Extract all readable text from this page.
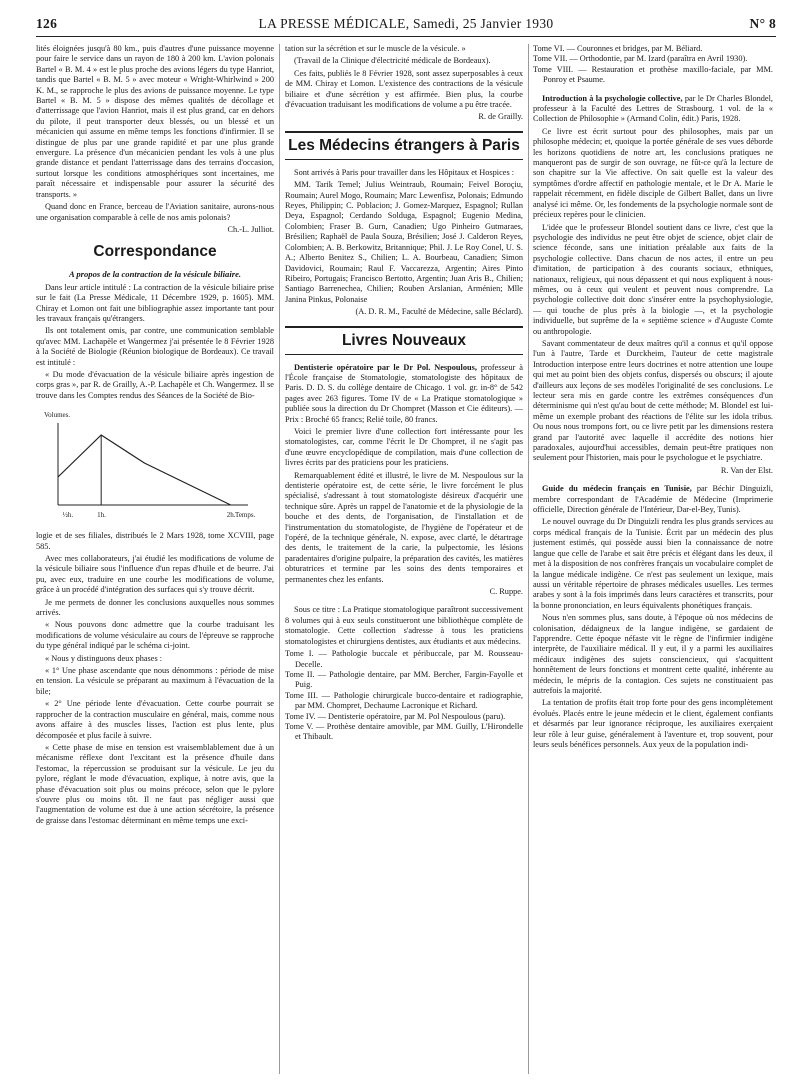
126	LA PRESSE MÉDICALE, Samedi, 25 Janvier 1930	N° 8

lités éloignées jusqu'à 80 km., puis d'autres d'une puissance moyenne pour faire le service dans un rayon de 180 à 200 km. L'avion polonais Bartel « B. M. 4 » est le plus proche des avions légers du type Hanriot, tandis que Bartel « B. M. 5 » avec moteur « Wright-Whirlwind » 200 K. M., se rapproche le plus des avions de puissance moyenne. Le type Bartel « B. M. 5 » dispose des mêmes qualités de décollage et d'atterrissage que l'avion Hanriot, mais il est plus grand, car en dehors du pilote, il peut transporter deux blessés, ou un blessé et un mécanicien qui assume en même temps les fonctions d'infirmier. Il se distingue de plus par une grande rapidité et par une plus grande envergure. La présence d'un mécanicien pendant les vols à une plus grande distance et pendant l'atterrissage dans des terrains d'occasion, surtout lorsque les conditions atmosphériques sont incertaines, me paraît nécessaire et indispensable pour assurer la sécurité des transports. »

Quand donc en France, berceau de l'Aviation sanitaire, aurons-nous une organisation comparable à celle de nos amis polonais?

Ch.-L. Julliot.
Correspondance
A propos de la contraction de la vésicule biliaire.

Dans leur article intitulé : La contraction de la vésicule biliaire prise sur le fait (La Presse Médicale, 11 Décembre 1929, p. 1605). MM. Chiray et Lomon ont fait une bibliographie assez importante tant pour les travaux français qu'étrangers.

Ils ont totalement omis, par contre, une communication semblable qu'avec MM. Lachapèle et Wangermez j'ai présentée le 8 Février 1928 à la Société de Biologie (Réunion biologique de Bordeaux). Ce travail est intitulé :

« Du mode d'évacuation de la vésicule biliaire après ingestion de corps gras », par R. de Grailly, A.-P. Lachapèle et Ch. Wangermez. Il se trouve dans les Comptes rendus des Séances de la Société de Bio-

Volumes.
Temps.
½h.	1h.	2h.

logie et de ses filiales, distribués le 2 Mars 1928, tome XCVIII, page 585.

Avec mes collaborateurs, j'ai étudié les modifications de volume de la vésicule biliaire sous l'influence d'un repas d'huile et de beurre. J'ai pu, avec eux, traduire en une courbe les modifications de volume, grâce à un procédé d'intégration des surfaces qui s'y trouve décrit.

Je me permets de donner les conclusions auxquelles nous sommes arrivés.

« Nous pouvons donc admettre que la courbe traduisant les modifications de volume vésiculaire au cours de l'épreuve se rapproche du type général indiqué par le schéma ci-joint.

« Nous y distinguons deux phases :

« 1° Une phase ascendante que nous dénommons : période de mise en tension. La vésicule se préparant au maximum à l'évacuation de la bile;

« 2° Une période lente d'évacuation. Cette courbe pourrait se rapprocher de la contraction musculaire en général, mais, comme nous avons affaire à des muscles lisses, l'action est plus lente, plus décomposée et plus facile à suivre.

« Cette phase de mise en tension est vraisemblablement due à un mécanisme réflexe dont l'excitant est la présence d'huile dans l'estomac, la répercussion se produisant sur la vésicule. Le jeu du pylore, réglant le mode d'évacuation, explique, à notre avis, que la phase d'évacuation soit plus ou moins précoce, selon que le pylore s'ouvre plus ou moins tôt. Il ne faut pas négliger aussi que l'augmentation de volume est due à une action sécrétoire, la présence de graisse dans l'estomac déterminant en même temps une exci-

tation sur la sécrétion et sur le muscle de la vésicule. »

(Travail de la Clinique d'électricité médicale de Bordeaux).

Ces faits, publiés le 8 Février 1928, sont assez superposables à ceux de MM. Chiray et Lomon. L'existence des contractions de la vésicule biliaire et d'une sécrétion y est affirmée. Bien plus, la courbe d'évacuation traduisant les modifications de volume a pu être tracée.

R. de Grailly.
Les Médecins étrangers à Paris

Sont arrivés à Paris pour travailler dans les Hôpitaux et Hospices :

MM. Tarik Temel; Julius Weintraub, Roumain; Feivel Boroçiu, Roumain; Aurel Mogo, Roumain; Marc Lewenfisz, Polonais; Edmundo Reyes, Philippin; C. Poblacion; J. Gomez-Marquez, Espagnol; Rullan Deya, Espagnol; Cerdando Solduga, Espagnol; Eugenio Medina, Colombien; Fraser B. Gurn, Canadien; Ugo Pinheiro Gutmaraes, Brésilien; Raphaël de Paula Souza, Brésilien; José J. Calderon Reyes, Colombien; A. B. Berkowitz, Britannique; Phil. J. Le Roy Conel, U. S. A.; Alberto Benitez S., Chilien; L. A. Bourbeau, Canadien; Simon Davidovici, Roumain; Raul F. Vaccarezza, Argentin; Aires Pinto Ribeiro, Portugais; Francisco Bertotto, Argentin; Juan Aris B., Chilien; Santiago Barrenechea, Chilien; Rouben Arslanian, Arménien; Mlle Janina Pinkus, Polonaise

(A. D. R. M., Faculté de Médecine, salle Béclard).

Livres Nouveaux
Dentisterie opératoire par le Dr Pol. Nespoulous, professeur à l'École française de Stomatologie, stomatologiste des hôpitaux de Paris. D. D. S. du collège dentaire de Chicago. 1 vol. gr. in-8° de 542 pages avec 263 figures. Tome IV de « La Pratique stomatologique » publiée sous la direction du Dr Chompret (Masson et Cie éditeurs). — Prix : Broché 65 francs; Relié toile, 80 francs.

Voici le premier livre d'une collection fort intéressante pour les stomatologistes, car, comme l'écrit le Dr Chompret, il ne s'agit pas d'une œuvre encyclopédique de compilation, mais d'une collection de livres écrits par des praticiens pour les praticiens.

Remarquablement édité et illustré, le livre de M. Nespoulous sur la dentisterie opératoire est, de cette série, le livre forcément le plus spécialisé, s'adressant à tout stomatologiste désireux d'acquérir une technique sûre. Après un rappel de l'anatomie et de la physiologie de la bouche et des dents, de l'organisation, de l'installation et de l'instrumentation du stomatologiste, de l'hygiène de l'opérateur et de l'opéré, de la technique générale, N. expose, avec clarté, le détartrage des dents, le traitement de la carie, la pulpectomie, les lésions paradentaires d'origine pulpaire, la préparation des cavités, les matières obturatrices et termine par les soins des dents temporaires et permanentes chez les enfants.

C. Ruppe.

Sous ce titre : La Pratique stomatologique paraîtront successivement 8 volumes qui à eux seuls constitueront une bibliothèque complète de stomatologie. Cette collection s'adresse à tous les praticiens stomatologistes et chirurgiens dentistes, aux étudiants et aux médecins.

Tome I. — Pathologie buccale et péribuccale, par M. Rousseau-Decelle.

Tome II. — Pathologie dentaire, par MM. Bercher, Fargin-Fayolle et Puig.

Tome III. — Pathologie chirurgicale bucco-dentaire et radiographie, par MM. Chompret, Dechaume Lacronique et Richard.

Tome IV. — Dentisterie opératoire, par M. Pol Nespoulous (paru).

Tome V. — Prothèse dentaire amovible, par MM. Guilly, L'Hirondelle et Thibault.

Tome VI. — Couronnes et bridges, par M. Béliard.

Tome VII. — Orthodontie, par M. Izard (paraîtra en Avril 1930).

Tome VIII. — Restauration et prothèse maxillo-faciale, par MM. Ponroy et Psaume.

Introduction à la psychologie collective, par le Dr Charles Blondel, professeur à la Faculté des Lettres de Strasbourg. 1 vol. de la « Collection de Philosophie » (Armand Colin, édit.) Paris, 1928.

Ce livre est écrit surtout pour des philosophes, mais par un philosophe médecin; et, quoique la portée générale de ses vues déborde les horizons quotidiens de notre art, les conclusions pratiques ne manqueront pas de surgir de son ouvrage, ne fût-ce qu'à la lecture de son chapitre sur la Vie affective. On sait quelle est la valeur des symptômes d'ordre affectif en pathologie mentale, et le Dr A. Marie le rappelait récemment, en fidèle disciple de Gilbert Ballet, dans un livre analysé ici même. Or, les fondements de la psychologie normale sont de précieux repères pour le clinicien.

L'idée que le professeur Blondel soutient dans ce livre, c'est que la psychologie des individus ne peut être objet de science, objet clair de science féconde, sans une initiation préalable aux faits de la psychologie collective. Dans chacun de nos actes, il entre un peu d'imitation, de participation à des courants sociaux, ethniques, nationaux, religieux, qui nous dépassent et qui nous expliquent à nous-mêmes, ou à ceux qui veulent et peuvent nous comprendre. La psychologie collective doit donc s'insérer entre la psychophysiologie, — qui touche de plus près à la biologie —, et la psychologie individuelle, but suprême de la « septième science » d'Auguste Comte ou anthropologie.

Savant commentateur de deux maîtres qu'il a connus et qu'il oppose l'un à l'autre, Tarde et Durckheim, l'auteur de cette magistrale Introduction interpose entre leurs doctrines et notre attention une loupe qui met au point bien des objets confus, dispersés ou obscurs; il ajoute d'ailleurs aux leçons de ses modèles l'originalité de ses conclusions. Le lecteur sera mis en garde contre les extrêmes conséquences d'un déterminisme qui n'est qu'au bout de cette méthode; M. Blondel est lui-même un exemple probant des réactions de l'élite sur les idola tribus. Ou nous nous trompons fort, ou ce livre petit par les dimensions restera grand par l'autorité avec laquelle il accrédite des notions hier paradoxales, aujourd'hui accessibles, demain peut-être pratiques non seulement pour l'historien, mais pour le psychologue et le psychiatre.

R. Van der Elst.
Guide du médecin français en Tunisie, par Béchir Dinguizli, membre correspondant de l'Académie de Médecine (Imprimerie officielle, Direction générale de l'Intérieur, Dar-el-Bey, Tunis).

Le nouvel ouvrage du Dr Dinguizli rendra les plus grands services au corps médical français de la Tunisie. Écrit par un médecin des plus justement estimés, qui possède aussi bien la connaissance de notre langue que celle de l'arabe et sait être précis et élégant dans les deux, il met à la disposition de nos confrères français un vocabulaire complet de la langue médicale indigène. Ce n'est pas seulement un lexique, mais aussi un véritable répertoire de phrases médicales usuelles. Les termes arabes y sont à la fois imprimés dans leurs caractères et transcrits, pour la bonne prononciation, en leurs équivalents phonétiques français.

Nous n'en sommes plus, sans doute, à l'époque où nos médecins de colonisation, dédaigneux de la langue indigène, se gardaient de l'apprendre. Cette époque néfaste vit le règne de l'infirmier indigène interprète, de l'auxiliaire médical. Il y eut, il y a parmi les auxiliaires médicaux indigènes des sujets consciencieux, qui s'acquittent honnêtement de leurs fonctions et montrent cette qualité, inhérente au médecin, le mépris de la contagion. Ces sujets ne constituaient pas autrefois la majorité.

La tentation de profits était trop forte pour des gens incomplètement évolués. Placés entre le jeune médecin et le client, également confiants et désarmés par leur ignorance réciproque, les auxiliaires exerçaient leur rôle à leur guise, généralement à l'aventure et, trop souvent, pour leurs seuls bénéfices personnels. Aux yeux de la population indi-
